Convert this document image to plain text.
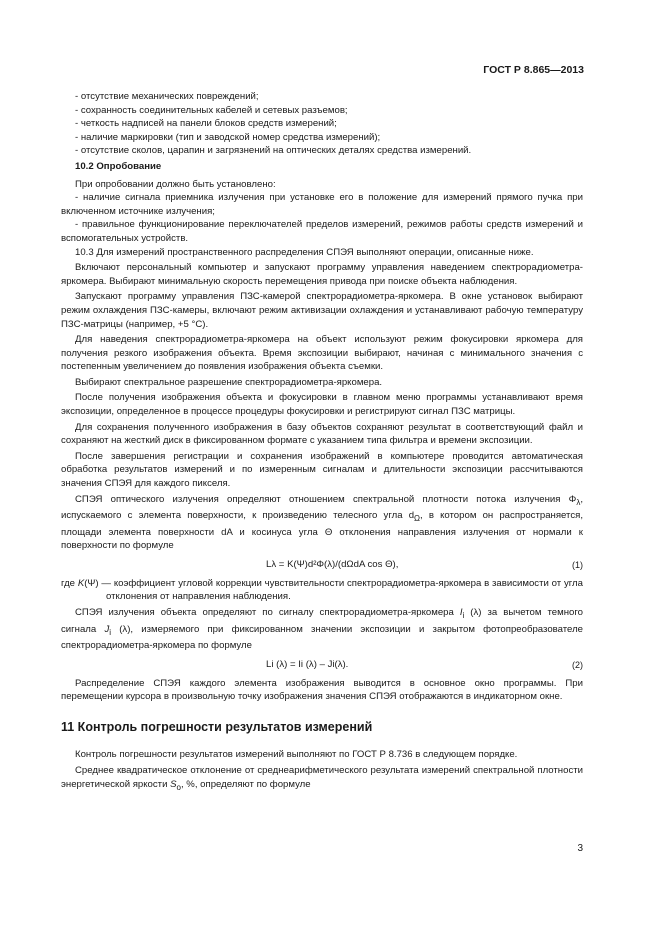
ГОСТ Р 8.865—2013
- отсутствие механических повреждений;
- сохранность соединительных кабелей и сетевых разъемов;
- четкость надписей на панели блоков средств измерений;
- наличие маркировки (тип и заводской номер средства измерений);
- отсутствие сколов, царапин и загрязнений на оптических деталях средства измерений.
10.2 Опробование

При опробовании должно быть установлено:

- наличие сигнала приемника излучения при установке его в положение для измерений прямого пучка при включенном источнике излучения;

- правильное функционирование переключателей пределов измерений, режимов работы средств измерений и вспомогательных устройств.

10.3 Для измерений пространственного распределения СПЭЯ выполняют операции, описанные ниже.

Включают персональный компьютер и запускают программу управления наведением спектрорадиометра-яркомера. Выбирают минимальную скорость перемещения привода при поиске объекта наблюдения.

Запускают программу управления ПЗС-камерой спектрорадиометра-яркомера. В окне установок выбирают режим охлаждения ПЗС-камеры, включают режим активизации охлаждения и устанавливают рабочую температуру ПЗС-матрицы (например, +5 °C).

Для наведения спектрорадиометра-яркомера на объект используют режим фокусировки яркомера для получения резкого изображения объекта. Время экспозиции выбирают, начиная с минимального значения с постепенным увеличением до появления изображения объекта съемки.

Выбирают спектральное разрешение спектрорадиометра-яркомера.

После получения изображения объекта и фокусировки в главном меню программы устанавливают время экспозиции, определенное в процессе процедуры фокусировки и регистрируют сигнал ПЗС матрицы.

Для сохранения полученного изображения в базу объектов сохраняют результат в соответствующий файл и сохраняют на жесткий диск в фиксированном формате с указанием типа фильтра и времени экспозиции.

После завершения регистрации и сохранения изображений в компьютере проводится автоматическая обработка результатов измерений и по измеренным сигналам и длительности экспозиции рассчитываются значения СПЭЯ для каждого пикселя.

СПЭЯ оптического излучения определяют отношением спектральной плотности потока излучения $\Phi_\lambda$, испускаемого с элемента поверхности, к произведению телесного угла $d_\Omega$, в котором он распространяется, площади элемента поверхности dA и косинуса угла Θ отклонения направления излучения от нормали к поверхности по формуле

Lλ = K(Ψ)d²Φ(λ)/(dΩdA cos Θ),	(1)

где K(Ψ) — коэффициент угловой коррекции чувствительности спектрорадиометра-яркомера в зависимости от угла отклонения от направления наблюдения.

СПЭЯ излучения объекта определяют по сигналу спектрорадиометра-яркомера $I_i$ (λ) за вычетом темного сигнала $J_i$ (λ), измеряемого при фиксированном значении экспозиции и закрытом фотопреобразователе спектрорадиометра-яркомера по формуле

Li (λ) = Ii (λ) – Ji(λ).	(2)

Распределение СПЭЯ каждого элемента изображения выводится в основное окно программы. При перемещении курсора в произвольную точку изображения значения СПЭЯ отображаются в индикаторном окне.

11 Контроль погрешности результатов измерений

Контроль погрешности результатов измерений выполняют по ГОСТ Р 8.736 в следующем порядке.

Среднее квадратическое отклонение от среднеарифметического результата измерений спектральной плотности энергетической яркости $S_o$, %, определяют по формуле

3
